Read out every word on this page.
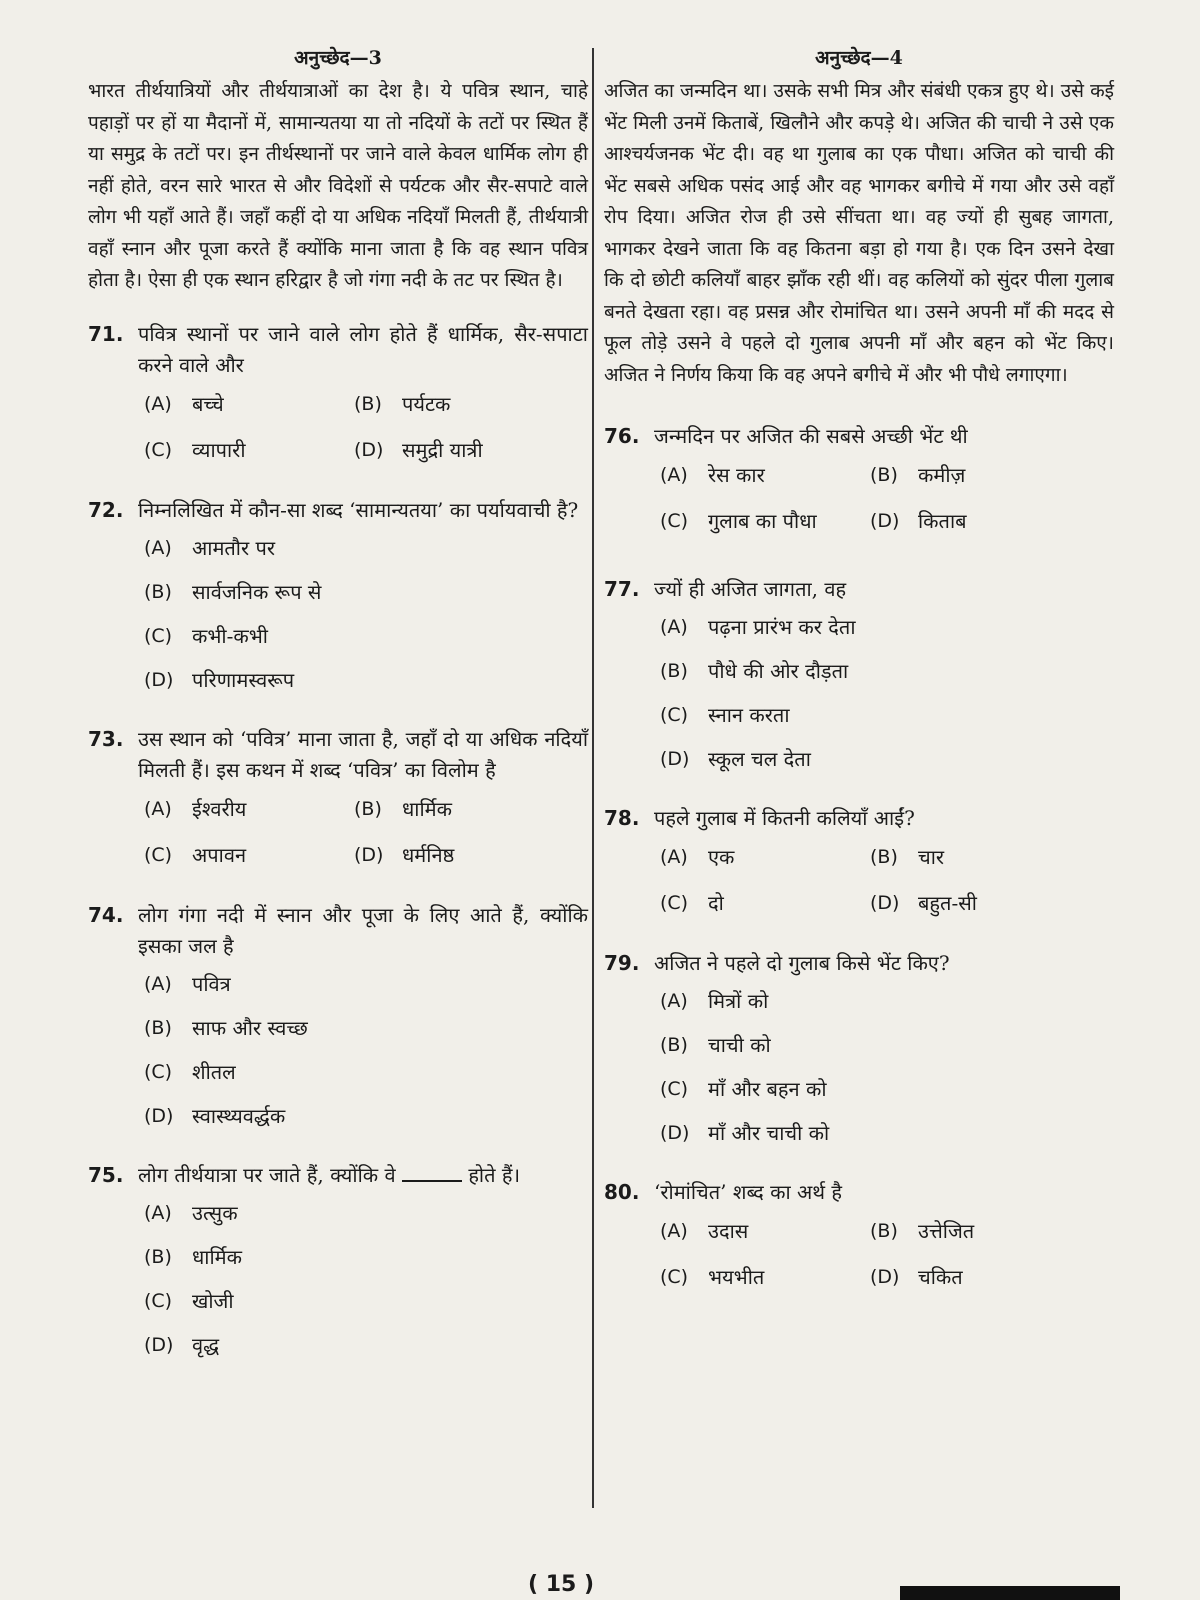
अनुच्छेद—3

भारत तीर्थयात्रियों और तीर्थयात्राओं का देश है। ये पवित्र स्थान, चाहे पहाड़ों पर हों या मैदानों में, सामान्यतया या तो नदियों के तटों पर स्थित हैं या समुद्र के तटों पर। इन तीर्थस्थानों पर जाने वाले केवल धार्मिक लोग ही नहीं होते, वरन सारे भारत से और विदेशों से पर्यटक और सैर-सपाटे वाले लोग भी यहाँ आते हैं। जहाँ कहीं दो या अधिक नदियाँ मिलती हैं, तीर्थयात्री वहाँ स्नान और पूजा करते हैं क्योंकि माना जाता है कि वह स्थान पवित्र होता है। ऐसा ही एक स्थान हरिद्वार है जो गंगा नदी के तट पर स्थित है।

71. पवित्र स्थानों पर जाने वाले लोग होते हैं धार्मिक, सैर-सपाटा करने वाले और
(A)	बच्चे	(B)	पर्यटक
(C) व्यापारी	(D) समुद्री यात्री
72. निम्नलिखित में कौन-सा शब्द ‘सामान्यतया’ का पर्यायवाची है?
(A)	आमतौर पर
(B)	सार्वजनिक रूप से
(C) कभी-कभी
(D) परिणामस्वरूप
73. उस स्थान को ‘पवित्र’ माना जाता है, जहाँ दो या अधिक नदियाँ मिलती हैं। इस कथन में शब्द ‘पवित्र’ का विलोम है
(A)	ईश्वरीय	(B)	धार्मिक
(C) अपावन	(D) धर्मनिष्ठ
74. लोग गंगा नदी में स्नान और पूजा के लिए आते हैं, क्योंकि इसका जल है
(A)	पवित्र
(B)	साफ और स्वच्छ
(C) शीतल
(D) स्वास्थ्यवर्द्धक
75. लोग तीर्थयात्रा पर जाते हैं, क्योंकि वे	होते हैं।
(A)	उत्सुक
(B)	धार्मिक
(C) खोजी
(D) वृद्ध
अनुच्छेद—4

अजित का जन्मदिन था। उसके सभी मित्र और संबंधी एकत्र हुए थे। उसे कई भेंट मिली उनमें किताबें, खिलौने और कपड़े थे। अजित की चाची ने उसे एक आश्चर्यजनक भेंट दी। वह था गुलाब का एक पौधा। अजित को चाची की भेंट सबसे अधिक पसंद आई और वह भागकर बगीचे में गया और उसे वहाँ रोप दिया। अजित रोज ही उसे सींचता था। वह ज्यों ही सुबह जागता, भागकर देखने जाता कि वह कितना बड़ा हो गया है। एक दिन उसने देखा कि दो छोटी कलियाँ बाहर झाँक रही थीं। वह कलियों को सुंदर पीला गुलाब बनते देखता रहा। वह प्रसन्न और रोमांचित था। उसने अपनी माँ की मदद से फूल तोड़े उसने वे पहले दो गुलाब अपनी माँ और बहन को भेंट किए। अजित ने निर्णय किया कि वह अपने बगीचे में और भी पौधे लगाएगा।

76. जन्मदिन पर अजित की सबसे अच्छी भेंट थी
(A)	रेस कार	(B)	कमीज़
(C) गुलाब का पौधा	(D) किताब
77. ज्यों ही अजित जागता, वह
(A)	पढ़ना प्रारंभ कर देता
(B)	पौधे की ओर दौड़ता
(C) स्नान करता
(D) स्कूल चल देता
78. पहले गुलाब में कितनी कलियाँ आईं?
(A)	एक	(B)	चार
(C) दो	(D) बहुत-सी
79. अजित ने पहले दो गुलाब किसे भेंट किए?
(A)	मित्रों को
(B)	चाची को
(C) माँ और बहन को
(D) माँ और चाची को
80. ‘रोमांचित’ शब्द का अर्थ है
(A)	उदास	(B)	उत्तेजित
(C) भयभीत	(D) चकित
( 15 )
